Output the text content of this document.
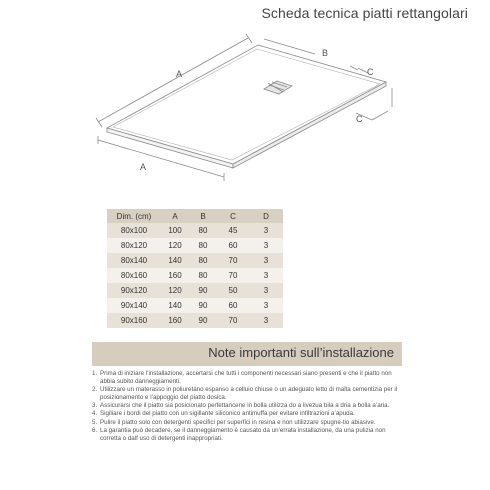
Scheda tecnica piatti rettangolari
A
B
A
C
C
Dim. (cm)	A	B	C	D
80x100	100	80	45	3
80x120	120	80	60	3
80x140	140	80	70	3
80x160	160	80	70	3
90x120	120	90	50	3
90x140	140	90	60	3
90x160	160	90	70	3
Note importanti sull’installazione
1. Prima di iniziare l’installazione, accertarsi che tutti i componenti necessari siano presenti e che il piatto non abbia subito danneggiamenti.
2. Utilizzare un materasso in poliuretano espanso a celluio chiuse o un adeguato letto di malta cementizia per il posizionamento e l’appoggio del piatto dosica.
3. Assicurarsi che il piatto sia posicionato perfettancene in bolla utilizza do a livezua bila a dria a bolla a’aria.
4. Sigiliare i bordi del piatto con un sigillante siliconico antimuffa per evitare infiltrazioni a’apuda.
5. Pulire il piatto solo con detergenti specifici per superfici in resina e non utilizzare spugne-tio abiasive.
6. La garantia può decadere, se il danneggiamento è causato da un’errata installazione, da una pulizia non corretta o dalf uso di detergenti inappropriati.
